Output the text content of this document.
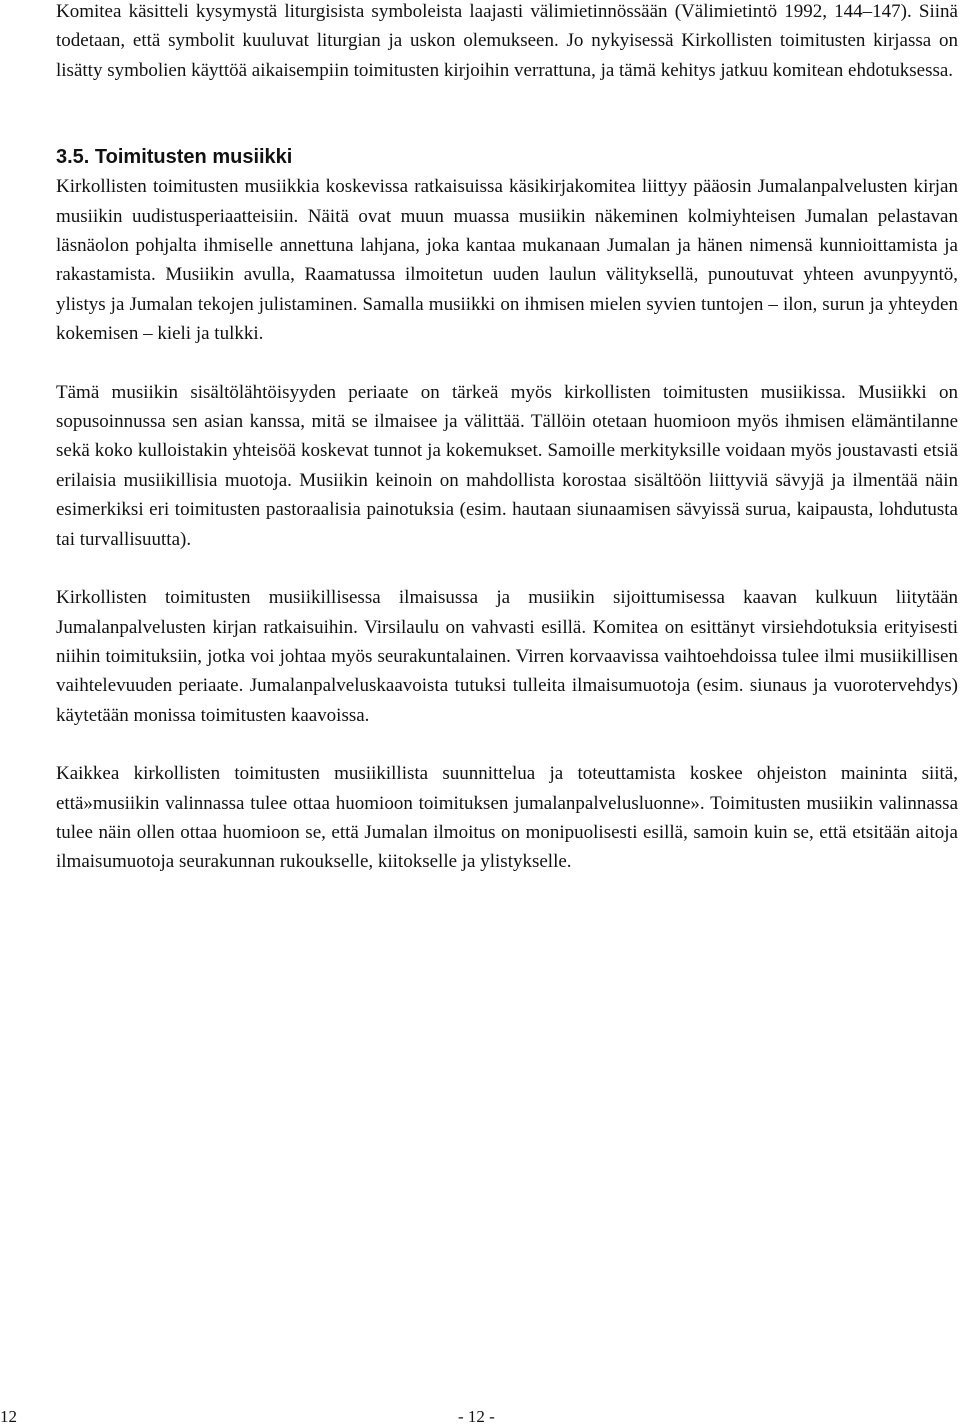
Komitea käsitteli kysymystä liturgisista symboleista laajasti välimietinnössään (Välimietintö 1992, 144–147). Siinä todetaan, että symbolit kuuluvat liturgian ja uskon olemukseen. Jo nykyisessä Kirkollisten toimitusten kirjassa on lisätty symbolien käyttöä aikaisempiin toimitusten kirjoihin verrattuna, ja tämä kehitys jatkuu komitean ehdotuksessa.

3.5. Toimitusten musiikki

Kirkollisten toimitusten musiikkia koskevissa ratkaisuissa käsikirjakomitea liittyy pääosin Jumalanpalvelusten kirjan musiikin uudistusperiaatteisiin. Näitä ovat muun muassa musiikin näkeminen kolmiyhteisen Jumalan pelastavan läsnäolon pohjalta ihmiselle annettuna lahjana, joka kantaa mukanaan Jumalan ja hänen nimensä kunnioittamista ja rakastamista. Musiikin avulla, Raamatussa ilmoitetun uuden laulun välityksellä, punoutuvat yhteen avunpyyntö, ylistys ja Jumalan tekojen julistaminen. Samalla musiikki on ihmisen mielen syvien tuntojen – ilon, surun ja yhteyden kokemisen – kieli ja tulkki.

Tämä musiikin sisältölähtöisyyden periaate on tärkeä myös kirkollisten toimitusten musiikissa. Musiikki on sopusoinnussa sen asian kanssa, mitä se ilmaisee ja välittää. Tällöin otetaan huomioon myös ihmisen elämäntilanne sekä koko kulloistakin yhteisöä koskevat tunnot ja kokemukset. Samoille merkityksille voidaan myös joustavasti etsiä erilaisia musiikillisia muotoja. Musiikin keinoin on mahdollista korostaa sisältöön liittyviä sävyjä ja ilmentää näin esimerkiksi eri toimitusten pastoraalisia painotuksia (esim. hautaan siunaamisen sävyissä surua, kaipausta, lohdutusta tai turvallisuutta).

Kirkollisten toimitusten musiikillisessa ilmaisussa ja musiikin sijoittumisessa kaavan kulkuun liitytään Jumalanpalvelusten kirjan ratkaisuihin. Virsilaulu on vahvasti esillä. Komitea on esittänyt virsiehdotuksia erityisesti niihin toimituksiin, jotka voi johtaa myös seurakuntalainen. Virren korvaavissa vaihtoehdoissa tulee ilmi musiikillisen vaihtelevuuden periaate. Jumalanpalveluskaavoista tutuksi tulleita ilmaisumuotoja (esim. siunaus ja vuorotervehdys) käytetään monissa toimitusten kaavoissa.

Kaikkea kirkollisten toimitusten musiikillista suunnittelua ja toteuttamista koskee ohjeiston maininta siitä, että»musiikin valinnassa tulee ottaa huomioon toimituksen jumalanpalvelusluonne». Toimitusten musiikin valinnassa tulee näin ollen ottaa huomioon se, että Jumalan ilmoitus on monipuolisesti esillä, samoin kuin se, että etsitään aitoja ilmaisumuotoja seurakunnan rukoukselle, kiitokselle ja ylistykselle.

12	- 12 -
